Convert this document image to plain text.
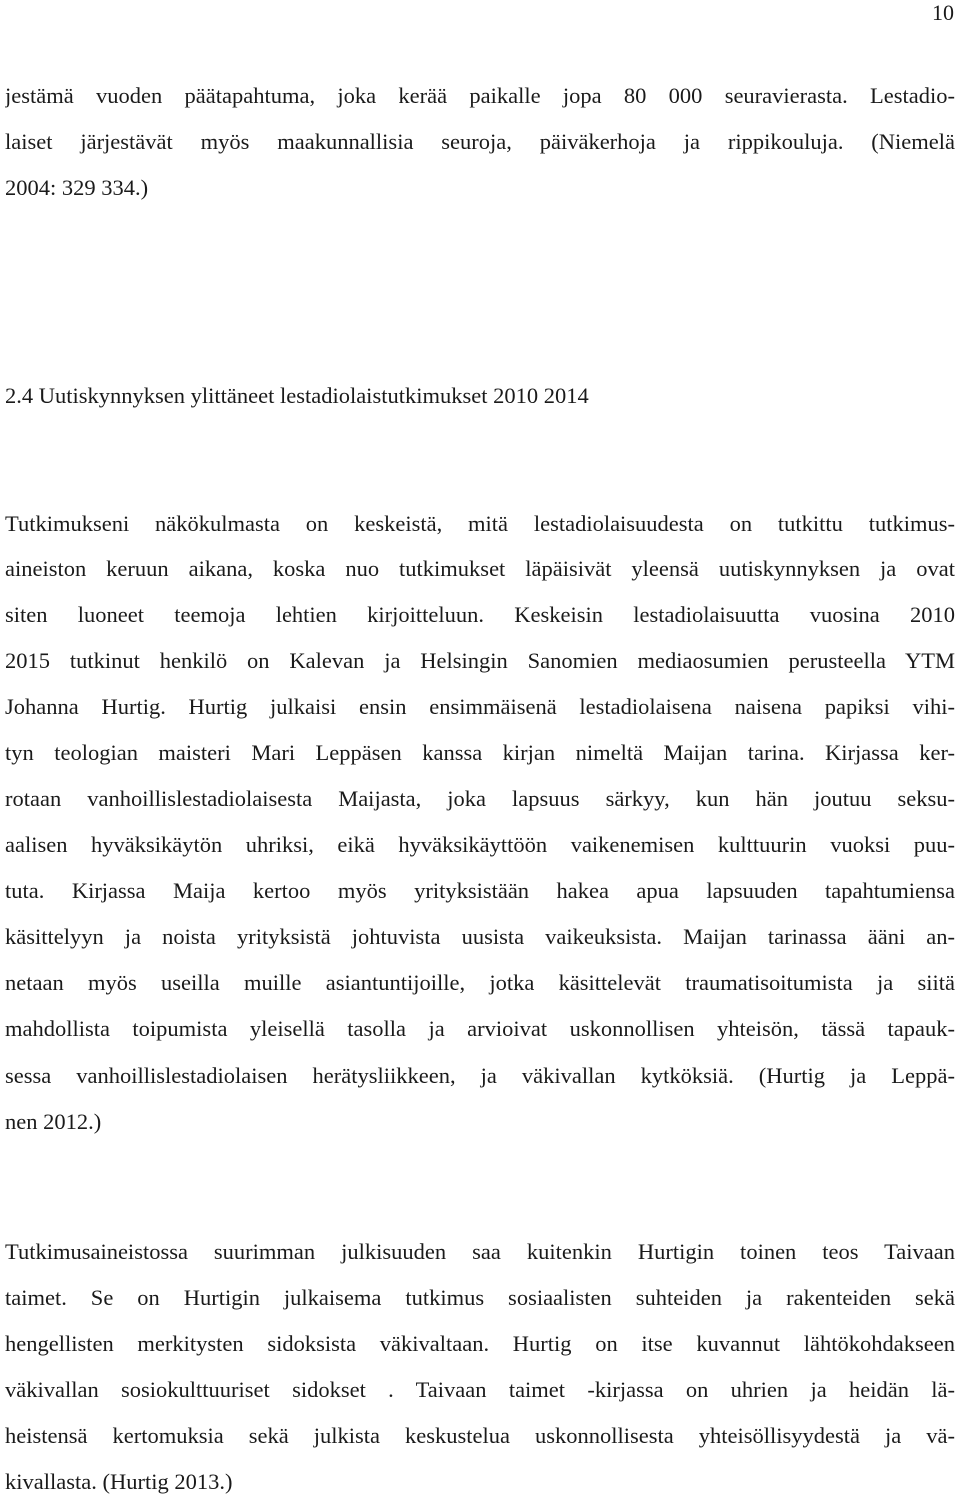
10
jestämä vuoden päätapahtuma, joka kerää paikalle jopa 80 000 seuravierasta. Lestadio-
laiset järjestävät myös maakunnallisia seuroja, päiväkerhoja ja rippikouluja. (Niemelä
2004: 329 334.)
2.4 Uutiskynnyksen ylittäneet lestadiolaistutkimukset 2010 2014
Tutkimukseni näkökulmasta on keskeistä, mitä lestadiolaisuudesta on tutkittu tutkimus-
aineiston keruun aikana, koska nuo tutkimukset läpäisivät yleensä uutiskynnyksen ja ovat
siten luoneet teemoja lehtien kirjoitteluun. Keskeisin lestadiolaisuutta vuosina 2010
2015 tutkinut henkilö on Kalevan ja Helsingin Sanomien mediaosumien perusteella YTM
Johanna Hurtig. Hurtig julkaisi ensin ensimmäisenä lestadiolaisena naisena papiksi vihi-
tyn teologian maisteri Mari Leppäsen kanssa kirjan nimeltä Maijan tarina. Kirjassa ker-
rotaan vanhoillislestadiolaisesta Maijasta, joka lapsuus särkyy, kun hän joutuu seksu-
aalisen hyväksikäytön uhriksi, eikä hyväksikäyttöön vaikenemisen kulttuurin vuoksi puu-
tuta. Kirjassa Maija kertoo myös yrityksistään hakea apua lapsuuden tapahtumiensa
käsittelyyn ja noista yrityksistä johtuvista uusista vaikeuksista. Maijan tarinassa ääni an-
netaan myös useilla muille asiantuntijoille, jotka käsittelevät traumatisoitumista ja siitä
mahdollista toipumista yleisellä tasolla ja arvioivat uskonnollisen yhteisön, tässä tapauk-
sessa vanhoillislestadiolaisen herätysliikkeen, ja väkivallan kytköksiä. (Hurtig ja Leppä-
nen 2012.)
Tutkimusaineistossa suurimman julkisuuden saa kuitenkin Hurtigin toinen teos Taivaan
taimet. Se on Hurtigin julkaisema tutkimus sosiaalisten suhteiden ja rakenteiden sekä
hengellisten merkitysten sidoksista väkivaltaan. Hurtig on itse kuvannut lähtökohdakseen
väkivallan sosiokulttuuriset sidokset . Taivaan taimet -kirjassa on uhrien ja heidän lä-
heistensä kertomuksia sekä julkista keskustelua uskonnollisesta yhteisöllisyydestä ja vä-
kivallasta. (Hurtig 2013.)
